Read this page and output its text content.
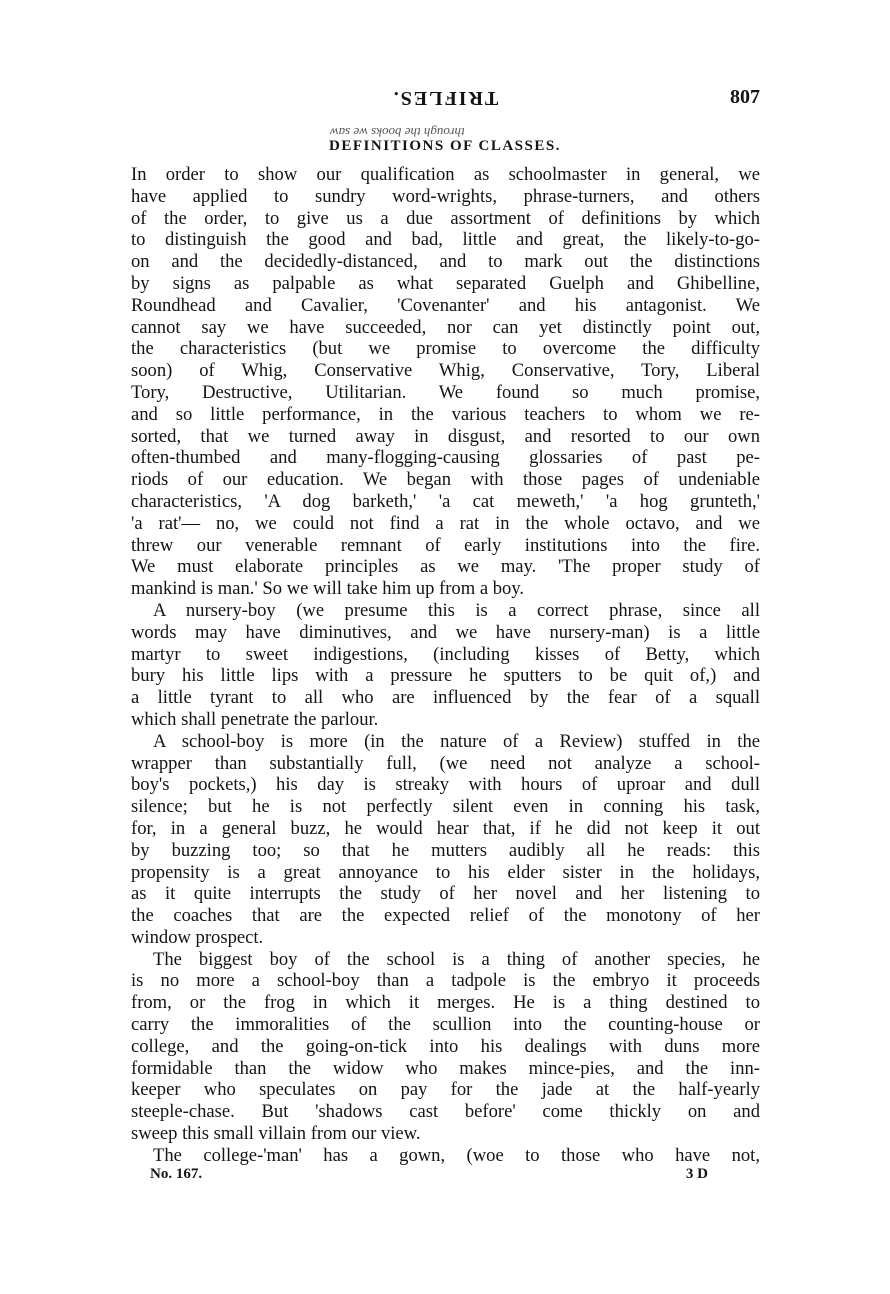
TRIFLES.	807
through the books we saw
DEFINITIONS OF CLASSES.
In order to show our qualification as schoolmaster in general, we
have applied to sundry word-wrights, phrase-turners, and others
of the order, to give us a due assortment of definitions by which
to distinguish the good and bad, little and great, the likely-to-go-
on and the decidedly-distanced, and to mark out the distinctions
by signs as palpable as what separated Guelph and Ghibelline,
Roundhead and Cavalier, 'Covenanter' and his antagonist. We
cannot say we have succeeded, nor can yet distinctly point out,
the characteristics (but we promise to overcome the difficulty
soon) of Whig, Conservative Whig, Conservative, Tory, Liberal
Tory, Destructive, Utilitarian. We found so much promise,
and so little performance, in the various teachers to whom we re-
sorted, that we turned away in disgust, and resorted to our own
often-thumbed and many-flogging-causing glossaries of past pe-
riods of our education. We began with those pages of undeniable
characteristics, 'A dog barketh,' 'a cat meweth,' 'a hog grunteth,'
'a rat'— no, we could not find a rat in the whole octavo, and we
threw our venerable remnant of early institutions into the fire.
We must elaborate principles as we may. 'The proper study of
mankind is man.' So we will take him up from a boy.
A nursery-boy (we presume this is a correct phrase, since all
words may have diminutives, and we have nursery-man) is a little
martyr to sweet indigestions, (including kisses of Betty, which
bury his little lips with a pressure he sputters to be quit of,) and
a little tyrant to all who are influenced by the fear of a squall
which shall penetrate the parlour.
A school-boy is more (in the nature of a Review) stuffed in the
wrapper than substantially full, (we need not analyze a school-
boy's pockets,) his day is streaky with hours of uproar and dull
silence; but he is not perfectly silent even in conning his task,
for, in a general buzz, he would hear that, if he did not keep it out
by buzzing too; so that he mutters audibly all he reads: this
propensity is a great annoyance to his elder sister in the holidays,
as it quite interrupts the study of her novel and her listening to
the coaches that are the expected relief of the monotony of her
window prospect.
The biggest boy of the school is a thing of another species, he
is no more a school-boy than a tadpole is the embryo it proceeds
from, or the frog in which it merges. He is a thing destined to
carry the immoralities of the scullion into the counting-house or
college, and the going-on-tick into his dealings with duns more
formidable than the widow who makes mince-pies, and the inn-
keeper who speculates on pay for the jade at the half-yearly
steeple-chase. But 'shadows cast before' come thickly on and
sweep this small villain from our view.
The college-'man' has a gown, (woe to those who have not,
No. 167.	3 D
